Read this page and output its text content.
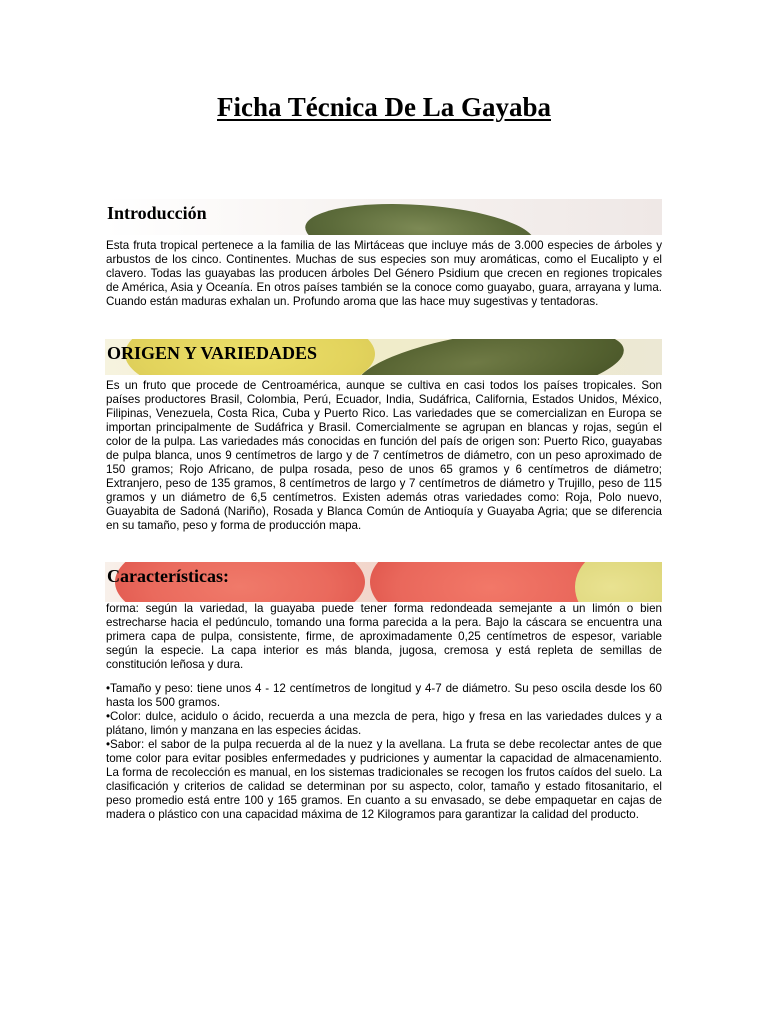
Ficha Técnica De La Gayaba
Introducción

Esta fruta tropical pertenece a la familia de las Mirtáceas que incluye más de 3.000 especies de árboles y arbustos de los cinco. Continentes. Muchas de sus especies son muy aromáticas, como el Eucalipto y el clavero. Todas las guayabas las producen árboles Del Género Psidium que crecen en regiones tropicales de América, Asia y Oceanía. En otros países también se la conoce como guayabo, guara, arrayana y luma. Cuando están maduras exhalan un. Profundo aroma que las hace muy sugestivas y tentadoras.

ORIGEN Y VARIEDADES

Es un fruto que procede de Centroamérica, aunque se cultiva en casi todos los países tropicales. Son países productores Brasil, Colombia, Perú, Ecuador, India, Sudáfrica, California, Estados Unidos, México, Filipinas, Venezuela, Costa Rica, Cuba y Puerto Rico. Las variedades que se comercializan en Europa se importan principalmente de Sudáfrica y Brasil. Comercialmente se agrupan en blancas y rojas, según el color de la pulpa. Las variedades más conocidas en función del país de origen son: Puerto Rico, guayabas de pulpa blanca, unos 9 centímetros de largo y de 7 centímetros de diámetro, con un peso aproximado de 150 gramos; Rojo Africano, de pulpa rosada, peso de unos 65 gramos y 6 centímetros de diámetro; Extranjero, peso de 135 gramos, 8 centímetros de largo y 7 centímetros de diámetro y Trujillo, peso de 115 gramos y un diámetro de 6,5 centímetros. Existen además otras variedades como: Roja, Polo nuevo, Guayabita de Sadoná (Nariño), Rosada y Blanca Común de Antioquía y Guayaba Agria; que se diferencia en su tamaño, peso y forma de producción mapa.

Características:

forma: según la variedad, la guayaba puede tener forma redondeada semejante a un limón o bien estrecharse hacia el pedúnculo, tomando una forma parecida a la pera. Bajo la cáscara se encuentra una primera capa de pulpa, consistente, firme, de aproximadamente 0,25 centímetros de espesor, variable según la especie. La capa interior es más blanda, jugosa, cremosa y está repleta de semillas de constitución leñosa y dura.

•Tamaño y peso: tiene unos 4 - 12 centímetros de longitud y 4-7 de diámetro. Su peso oscila desde los 60 hasta los 500 gramos.

•Color: dulce, acidulo o ácido, recuerda a una mezcla de pera, higo y fresa en las variedades dulces y a plátano, limón y manzana en las especies ácidas.

•Sabor: el sabor de la pulpa recuerda al de la nuez y la avellana. La fruta se debe recolectar antes de que tome color para evitar posibles enfermedades y pudriciones y aumentar la capacidad de almacenamiento. La forma de recolección es manual, en los sistemas tradicionales se recogen los frutos caídos del suelo. La clasificación y criterios de calidad se determinan por su aspecto, color, tamaño y estado fitosanitario, el peso promedio está entre 100 y 165 gramos. En cuanto a su envasado, se debe empaquetar en cajas de madera o plástico con una capacidad máxima de 12 Kilogramos para garantizar la calidad del producto.
